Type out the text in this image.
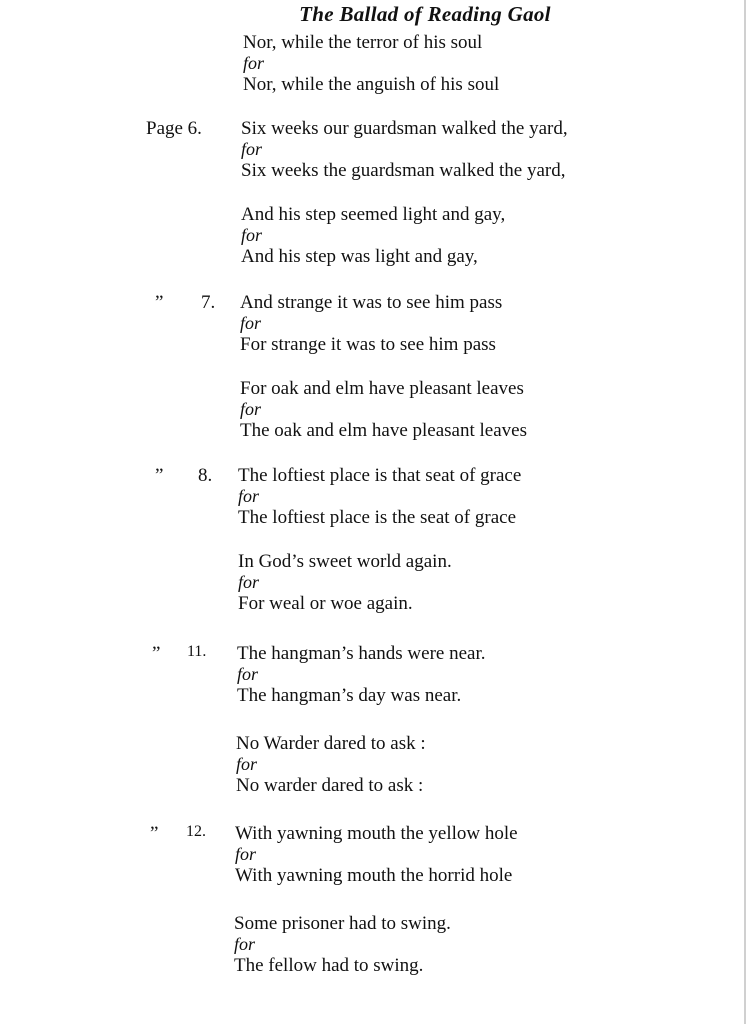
The Ballad of Reading Gaol
Nor, while the terror of his soul
for
Nor, while the anguish of his soul
Page 6. Six weeks our guardsman walked the yard,
for
Six weeks the guardsman walked the yard,
And his step seemed light and gay,
for
And his step was light and gay,
” 7. And strange it was to see him pass
for
For strange it was to see him pass
For oak and elm have pleasant leaves
for
The oak and elm have pleasant leaves
” 8. The loftiest place is that seat of grace
for
The loftiest place is the seat of grace
In God’s sweet world again.
for
For weal or woe again.
” 11. The hangman’s hands were near.
for
The hangman’s day was near.
No Warder dared to ask :
for
No warder dared to ask :
” 12. With yawning mouth the yellow hole
for
With yawning mouth the horrid hole
Some prisoner had to swing.
for
The fellow had to swing.
